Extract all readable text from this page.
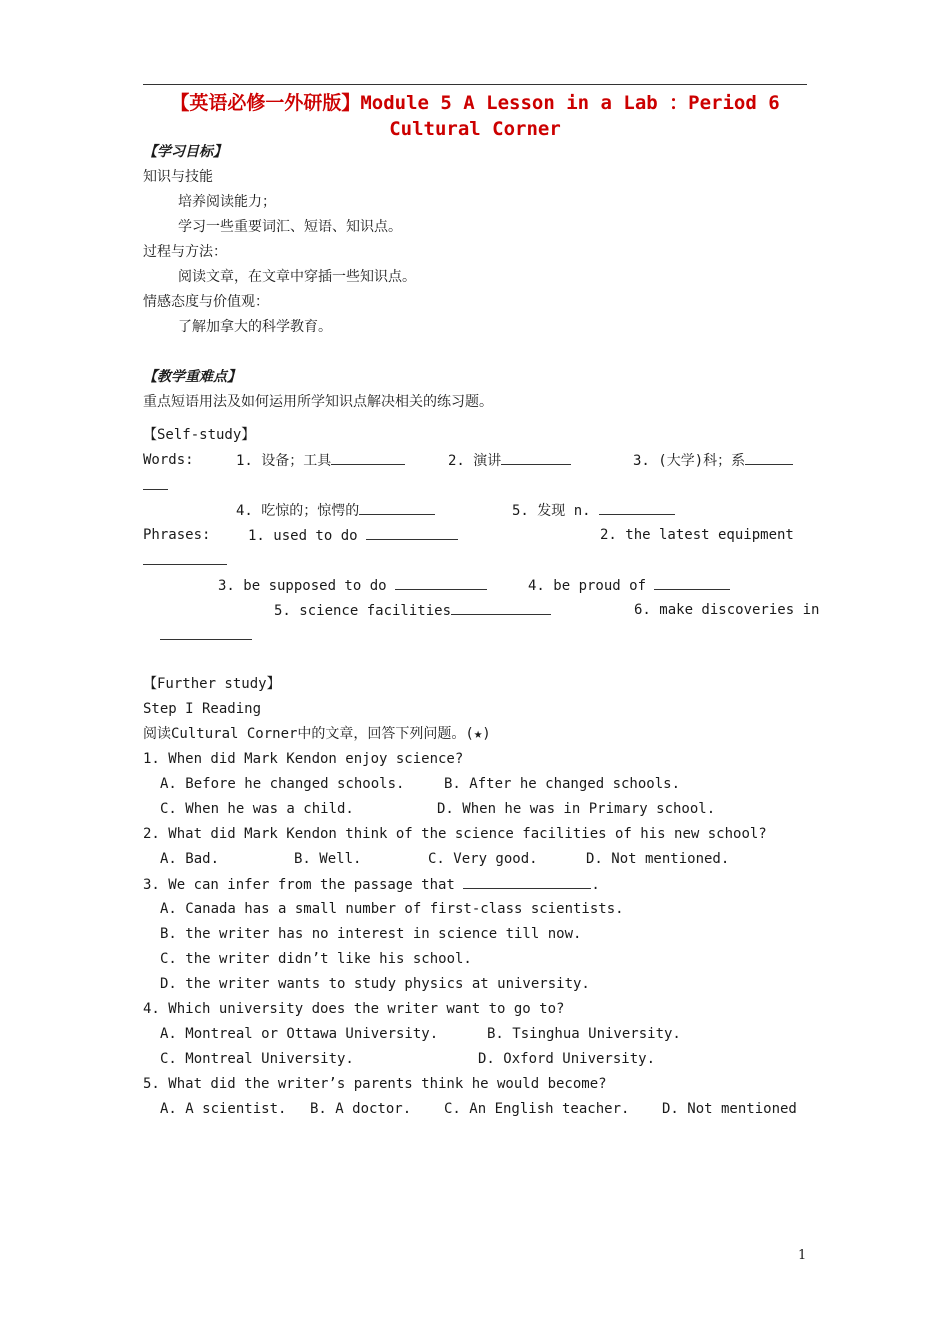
【英语必修一外研版】Module 5 A Lesson in a Lab ：Period 6
Cultural Corner
【学习目标】
知识与技能
培养阅读能力；
学习一些重要词汇、短语、知识点。
过程与方法：
阅读文章，在文章中穿插一些知识点。
情感态度与价值观：
了解加拿大的科学教育。
【教学重难点】
重点短语用法及如何运用所学知识点解决相关的练习题。
【Self-study】
Words:	1. 设备；工具	2. 演讲	3. (大学)科；系
4. 吃惊的；惊愕的	5. 发现 n.
Phrases:	1. used to do	2. the latest equipment
3. be supposed to do	4. be proud of
5. science facilities	6. make discoveries in
【Further study】
Step I Reading
阅读Cultural Corner中的文章，回答下列问题。(★)
1. When did Mark Kendon enjoy science?
A. Before he changed schools.	B. After he changed schools.
C. When he was a child.	D. When he was in Primary school.
2. What did Mark Kendon think of the science facilities of his new school?
A. Bad.	B. Well.	C. Very good.	D. Not mentioned.
3. We can infer from the passage that	.
A. Canada has a small number of first-class scientists.
B. the writer has no interest in science till now.
C. the writer didn’t like his school.
D. the writer wants to study physics at university.
4. Which university does the writer want to go to?
A. Montreal or Ottawa University.	B. Tsinghua University.
C. Montreal University.	D. Oxford University.
5. What did the writer’s parents think he would become?
A. A scientist. B. A doctor. C. An English teacher. D. Not mentioned
1
